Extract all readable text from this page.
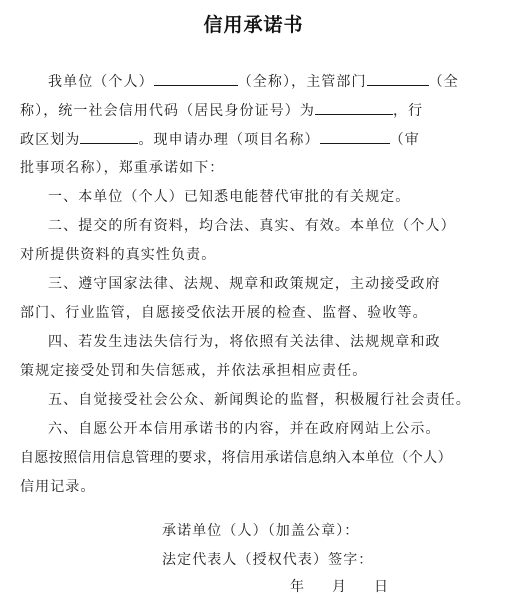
信用承诺书
我单位（个人）	（全称），主管部门	（全
称），统一社会信用代码（居民身份证号）为	，行
政区划为	。现申请办理（项目名称）	（审
批事项名称），郑重承诺如下：
一、本单位（个人）已知悉电能替代审批的有关规定。
二、提交的所有资料，均合法、真实、有效。本单位（个人）
对所提供资料的真实性负责。
三、遵守国家法律、法规、规章和政策规定，主动接受政府
部门、行业监管，自愿接受依法开展的检查、监督、验收等。
四、若发生违法失信行为，将依照有关法律、法规规章和政
策规定接受处罚和失信惩戒，并依法承担相应责任。
五、自觉接受社会公众、新闻舆论的监督，积极履行社会责任。
六、自愿公开本信用承诺书的内容，并在政府网站上公示。
自愿按照信用信息管理的要求，将信用承诺信息纳入本单位（个人）
信用记录。
承诺单位（人）（加盖公章）：
法定代表人（授权代表）签字：
年 月 日
